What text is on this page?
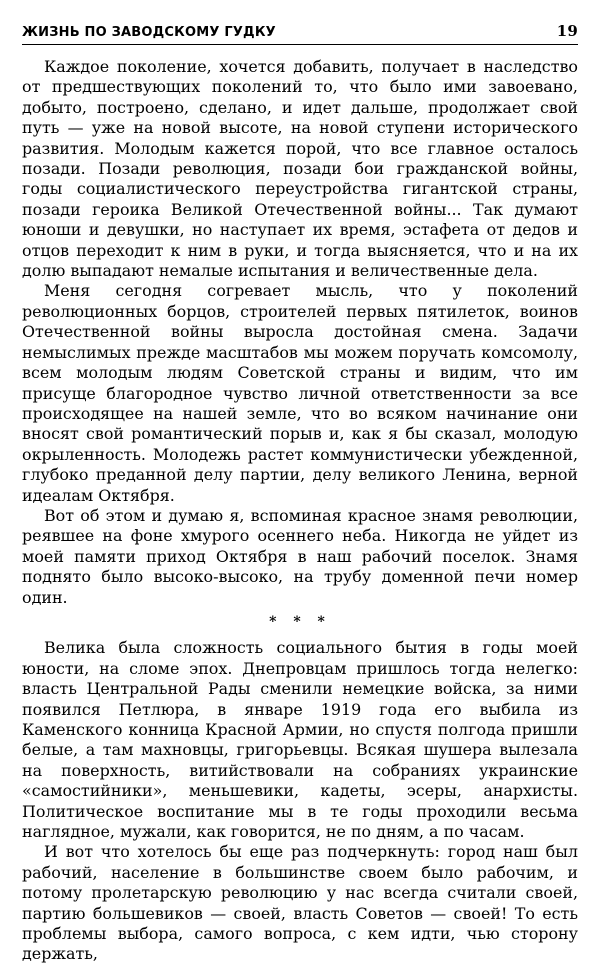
ЖИЗНЬ ПО ЗАВОДСКОМУ ГУДКУ	19

Каждое поколение, хочется добавить, получает в наследство от предшествующих поколений то, что было ими завоевано, добыто, построено, сделано, и идет дальше, продолжает свой путь — уже на новой высоте, на новой ступени исторического развития. Молодым кажется порой, что все главное осталось позади. Позади революция, позади бои гражданской войны, годы социалистического переустройства гигантской страны, позади героика Великой Отечественной войны... Так думают юноши и девушки, но наступает их время, эстафета от дедов и отцов переходит к ним в руки, и тогда выясняется, что и на их долю выпадают немалые испытания и величественные дела.

Меня сегодня согревает мысль, что у поколений революционных борцов, строителей первых пятилеток, воинов Отечественной войны выросла достойная смена. Задачи немыслимых прежде масштабов мы можем поручать комсомолу, всем молодым людям Советской страны и видим, что им присуще благородное чувство личной ответственности за все происходящее на нашей земле, что во всяком начинание они вносят свой романтический порыв и, как я бы сказал, молодую окрыленность. Молодежь растет коммунистически убежденной, глубоко преданной делу партии, делу великого Ленина, верной идеалам Октября.

Вот об этом и думаю я, вспоминая красное знамя революции, реявшее на фоне хмурого осеннего неба. Никогда не уйдет из моей памяти приход Октября в наш рабочий поселок. Знамя поднято было высоко-высоко, на трубу доменной печи номер один.

* * *

Велика была сложность социального бытия в годы моей юности, на сломе эпох. Днепровцам пришлось тогда нелегко: власть Центральной Рады сменили немецкие войска, за ними появился Петлюра, в январе 1919 года его выбила из Каменского конница Красной Армии, но спустя полгода пришли белые, а там махновцы, григорьевцы. Всякая шушера вылезала на поверхность, витийствовали на собраниях украинские «самостийники», меньшевики, кадеты, эсеры, анархисты. Политическое воспитание мы в те годы проходили весьма наглядное, мужали, как говорится, не по дням, а по часам.

И вот что хотелось бы еще раз подчеркнуть: город наш был рабочий, население в большинстве своем было рабочим, и потому пролетарскую революцию у нас всегда считали своей, партию большевиков — своей, власть Советов — своей! То есть проблемы выбора, самого вопроса, с кем идти, чью сторону держать,
